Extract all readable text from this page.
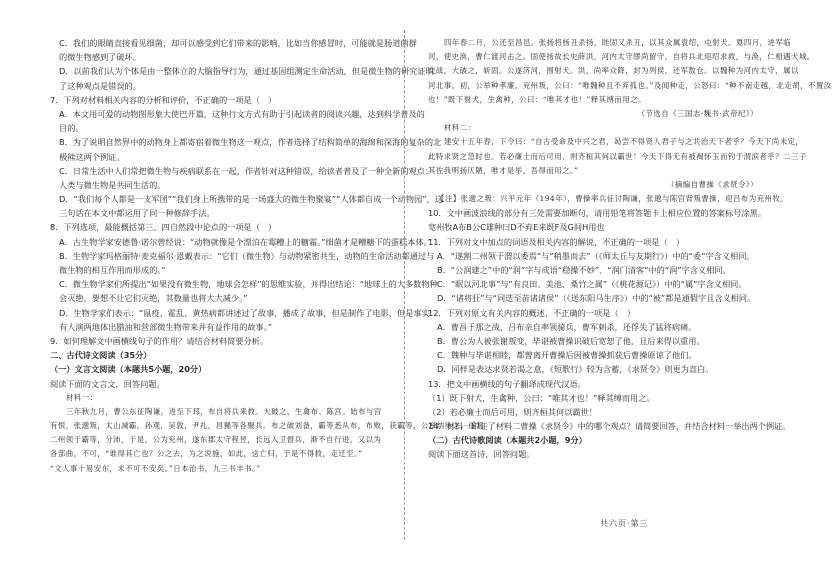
C．我们的眼睛直接看见细菌，却可以感受到它们带来的影响，比如当你感冒时，可能就是肠道菌群
的微生物感到了破坏。
D．以前我们认为个体是由一整体立的大脑指导行为，通过基因组测定生命活动，但是微生物的研究证明
了这种观点是错误的。
7．下列对材料相关内容的分析和评价，不正确的一项是（　）
A．本文用可爱的动物图形象大使巴开篇，这种行文方式有助于引起读者的阅读兴趣，达到科学普及的
目的。
B．为了说明自然界中的动物身上都寄宿着微生物这一观点，作者选择了结构简单的海绵和深海的复杂的北
极熊这两个例证。
C．日常生活中人们常把微生物与疾病联系在一起，作者针对这种错误，给读者普及了一种全新的观点：
人类与微生物是共同生活的。
D．“我们每个人都是一支军团”“我们身上所携带的是一场盛大的微生物聚宴”“人体都自成一个动物园”，这
三句话在本文中都运用了同一种修辞手法。
8．下列选项，最能概括第三、四自然段中论点的一项是（　）
A．古生物学家安德鲁·诺尔曾经说：“动物就像是个漂泊在霉糟上的糖霜。”细菌才是糟糖下的蛋糕本体。”
B．生物学家玛格丽特·麦克福尔·恩戴表示：“它们（微生物）与动物紧密共生，动物的生命活动都通过与
微生物的相互作用而形成的。”
C．微生物学家们所提出“如果没有微生物，地球会怎样”的思维实验，并得出结论：“地球上的大多数物种
会灭绝，要想不让它们灭绝，其数量也将大大减少。”
D．生物学家们表示：“鼠疫、霍乱、黄热病都讲述过了故事，播成了故事，但是制作了电影，但是事实
有人演两地体出腊油和营部微生物带来并有益作用的故事。”
9．如何理解文中画横线句子的作用？请结合材料简要分析。
二、古代诗文阅读（35分）
（一）文言文阅读（本题共5小题，20分）
阅读下面的文言文，回答问题。
材料一：
三年秋九月，曹公东征陶谦，进至下邳，布自将兵来救。大破之，生禽布、陈宫。始布与宫
有恨，张邈叛，太山减霸，孙观，吴敦，尹礼，昌豨等各聚兵。布之破刘备，霸等悉从布，布败，获霸等，公厚纳待之，遂割
二州领于霸等，分沛，于是，公为兖州，遂东郡太守程昱，长远入卫督兵，渐不自行进，又以为
各部曲，不可，“谁得其亡也？公之去，为之说施，如此，送亡归，于是不得救，走迁至。”
“文人事十易安东，未不可不安矣。”日本治书，九三书丰书。”
四年春二月，公还至昌邑。张扬将杨丑杀扬，眭固又杀丑，以其众属袁绍，屯射犬。夏四月，进军临
河，使史涣，曹仁渡河击之。固使扬故长史薛洪，河内太守缪尚留守，自将兵北迎绍求救，与涣，仁相遇犬城。
交战，大破之，斩固。公遂济河，围射犬。洪，尚率众降，封为列侯，还军敖仓。以魏种为河内太守，属以
河北事。初，公举种孝廉。兖州叛，公曰：“唯魏种且不弃孤也。”及闻种走，公怒曰：“种不南走越，北走胡，不置汝
也！”既下射犬，生禽种，公曰：“唯其才也！”释其缚而用之。
（节选自《三国志·魏书·武帝纪》）
材料二：
建安十五年春，下令曰：“自古受命及中兴之君，曷尝不得贤人君子与之共治天下者乎？今天下尚未定，
此特求贤之急时也。若必廉士而后可用，则齐桓其何以霸世！今天下得无有被褐怀玉而钓于渭滨者乎？二三子
其佐我明扬仄陋，唯才是举，吾得而用之。”
（摘编自曹操《求贤令》）
【注】张邈之叛：兴平元年（194年），曹操率兵征讨陶谦，张邈与陈宫背叛曹操，迎吕布为兖州牧。
10．文中画波浪线的部分有三处需要加断句，请用铅笔将答题卡上相应位置的答案标号涂黑。
宽州牧A布B公C雄种曰D不弃E来既F及G间H用也
11．下列对文中加点的词语及相关内容的解说，不正确的一项是（　）
A．“遂割二州领于渭以委焉”与“稍墨而去”（《师太丘与友期行》）中的“委”字含义相同。
B．“公润建之”中的“润”字与成语“稳操不妙”、“润门清客”中的“润”字含义相同。
C．“眠以河北事”与“有良田、美池、桑竹之属”（《桃花源记》）中的“属”字含义相同。
D．“诸将狂”与“同迭至苗诸诸侯”（《送东阳马生序》）中的“被”都是通假字且含义相同。
12．下列对原文有关内容的概述，不正确的一项是（　）
A．曹昌于那之战，吕布亲自率领骑兵，曹军刺杀，还俘失了猛将病痛。
B．曹公为人被张谢叛变，毕谌被曹操识破后宽恕了他，且后来得以重用。
C．魏种与毕谌相睦，都曾离开曹操后因被曹操抓获后曹操原谅了他们。
D．同样是表达求贤若渴之意，《短歌行》较为含蓄，《求贤令》则更为直白。
13．把文中画横线的句子翻译成现代汉语。
（1）既下射犬，生禽种，公曰：“唯其才也！”释其缚而用之。
（2）若必廉士而后可用，则齐桓其何以霸世！
14．材料一印证了材料二曹操《求贤令》中的哪个观点？请简要回答，并结合材料一举出两个例证。
（二）古代诗歌阅读（本题共2小题，9分）
阅读下面这首诗，回答问题。
共六页·第三
